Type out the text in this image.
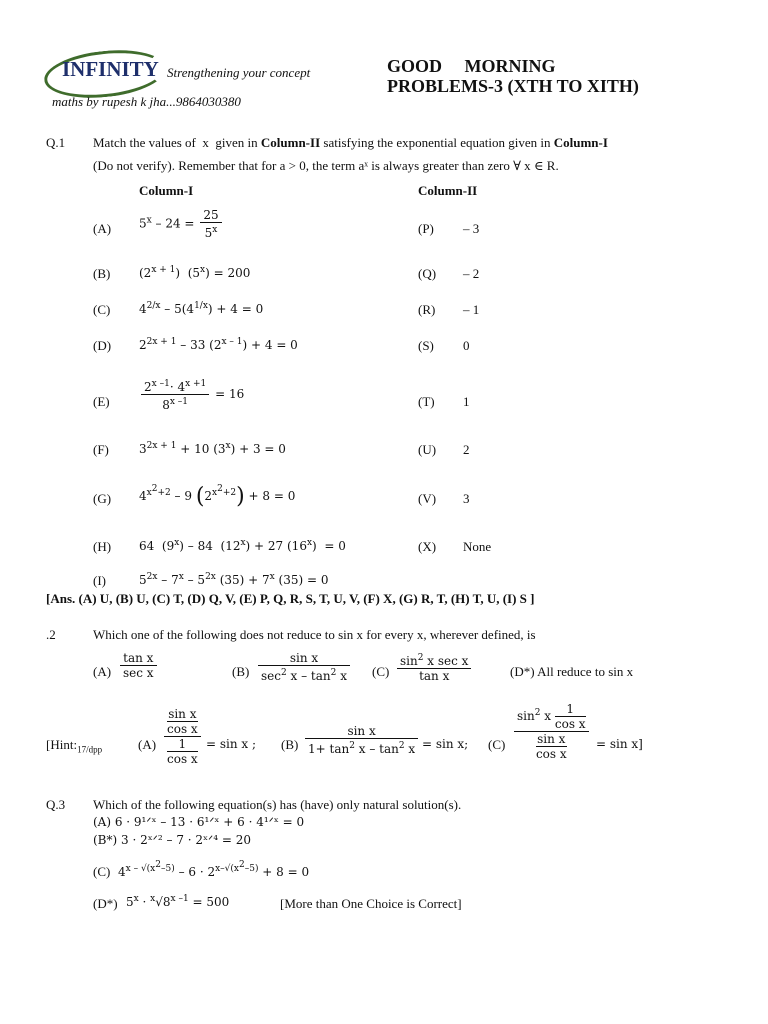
INFINITY Strengthening your concept
maths by rupesh k jha...9864030380
GOOD     MORNING
PROBLEMS-3 (XTH TO XITH)
Q.1 Match the values of  x  given in Column-II satisfying the exponential equation given in Column-I
(Do not verify). Remember that for a > 0, the term aˣ is always greater than zero ∀ x ∈ R.
Column-I	Column-II
(A) $5^x - 24 = \frac{25}{5^x}$	(P) – 3
(B) $(2^{x + 1}) (5^x) = 200$	(Q) – 2
(C) $4^{2/x} - 5(4^{1/x}) + 4 = 0$	(R) – 1
(D) $2^{2x + 1} - 33$ $(2^{x - 1}) + 4 = 0$	(S) 0
(E)	$\frac{2^{x -1}\cdot 4^{x +1}}{8^{x -1}} = 16$	(T) 1
(F)	$3^{2x + 1} + 10$ $(3^x) + 3 = 0$	(U) 2
(G) $4^{x^2+2} - 9$ $(2^{x^2+2}) + 8 = 0$	(V) 3
(H) 64  (9$^x$) – 84  $(12^x) + 27$ (16$^x$)  = 0	(X) None
(I)	$5^{2x} - 7^x - 5^{2x}$ $(35) + 7^x$ (35) = 0
[Ans. (A) U, (B) U, (C) T, (D) Q, V, (E) P, Q, R, S, T, U, V, (F) X, (G) R, T, (H) T, U, (I) S ]
.2	Which one of the following does not reduce to sin x for every x, wherever defined, is
$(A) \frac{\text{tan x}}{\text{sec x}}$	$(B) \frac{\text{sin x}}{\sec^2 x - \tan^2 x} (C) \frac{\sin^2 x \sec x}{\text{tan x}}$	(D*) All reduce to sin x
[$Hint:_{17/dpp}$	$(A) \frac{\frac{\text{sin x}}{\text{cos x}}}{\frac{1}{\text{cos x}}} = \sin x$ ; $(B) \frac{\text{sin x}}{1+ \tan^2 x - \tan^2 x} = \sin x$; $(C) \frac{\sin^2 x \frac{1}{\text{cos x}}}{\frac{\text{sin x}}{\text{cos x}}} = \sin x$]
Q.3 Which of the following equation(s) has (have) only natural solution(s).
(A) 6 · 9¹ᐟˣ – 13 · 6¹ᐟˣ + 6 · 4¹ᐟˣ = 0
(B*) 3 · 2ˣᐟ² – 7 · 2ˣᐟ⁴ = 20
(C) $4^{x - √(x^2-5)} - 6 \cdot 2^{x-√(x^2-5)} + 8 = 0$
(D*) $5^x \cdot ^x√8^{x -1} = 500$	[More than One Choice is Correct]
